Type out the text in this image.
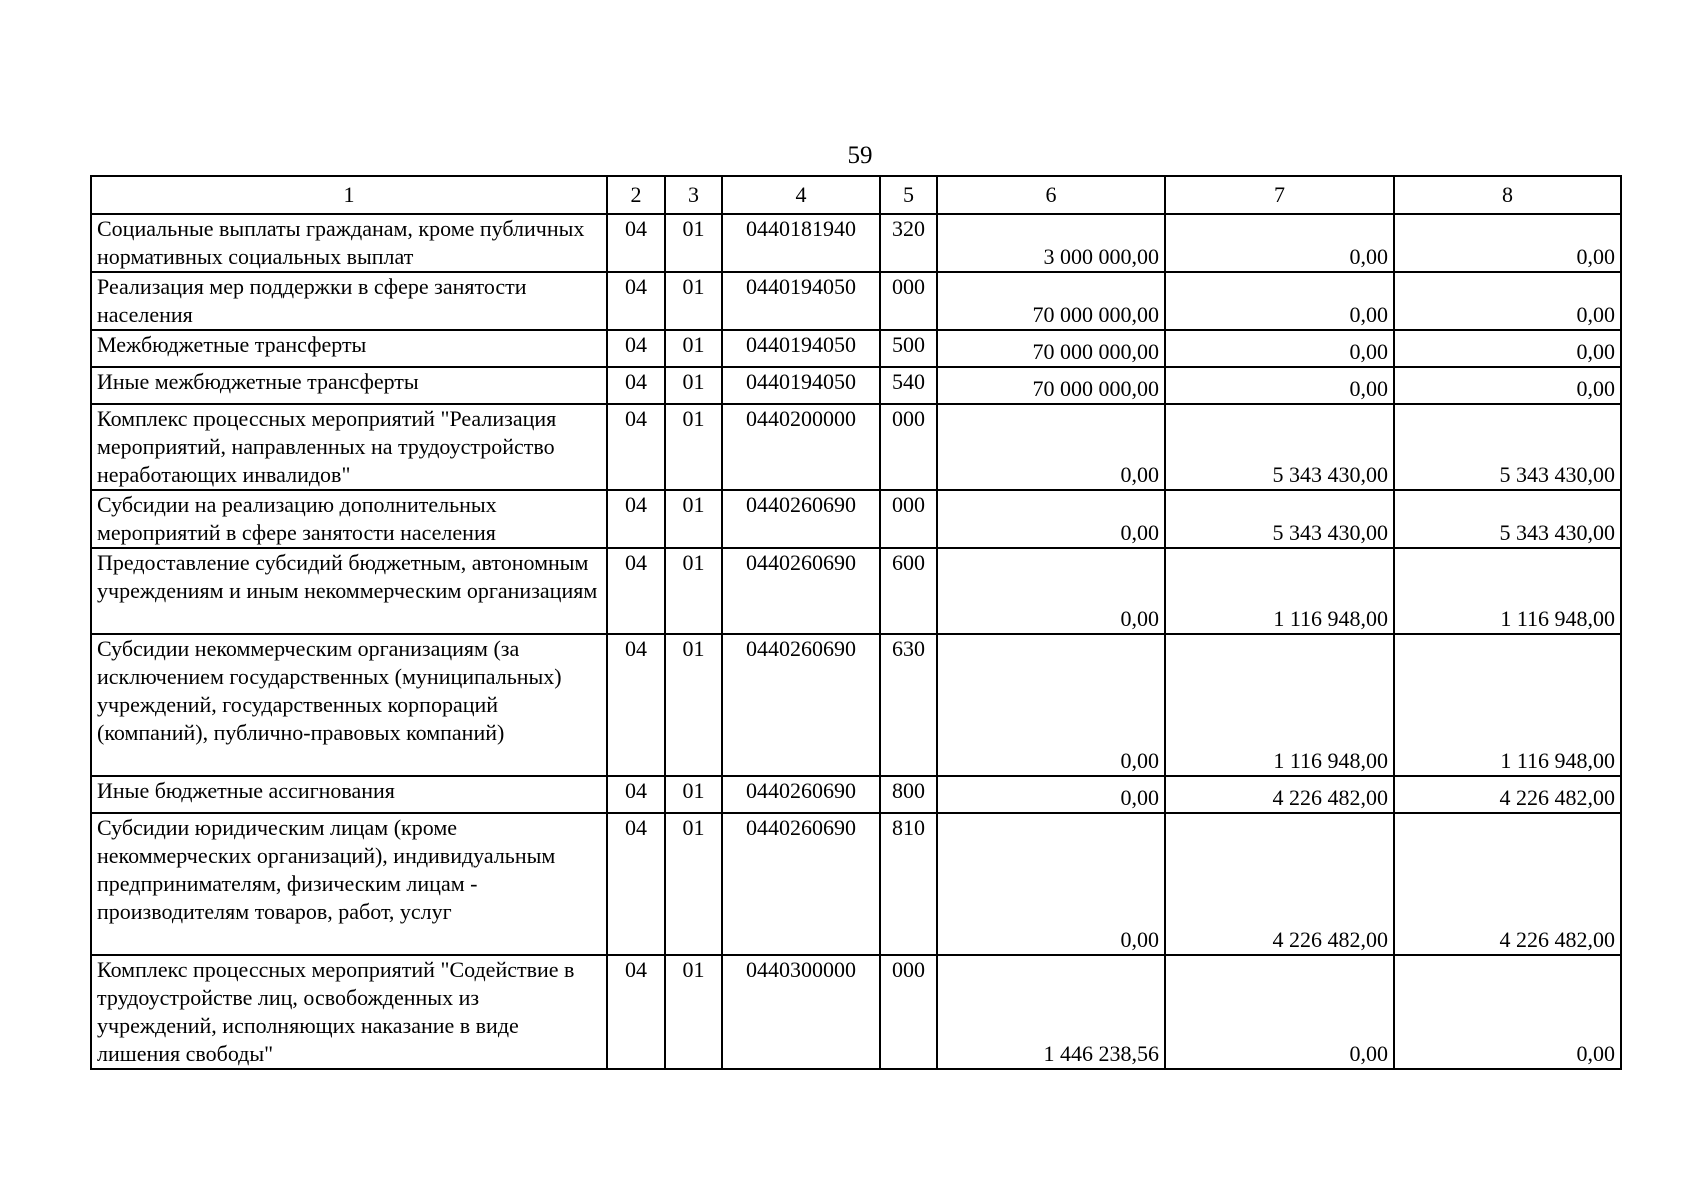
59
1	2	3	4	5	6	7	8
Социальные выплаты гражданам, кроме публичных нормативных социальных выплат	04	01	0440181940	320	3 000 000,00	0,00	0,00
Реализация мер поддержки в сфере занятости населения	04	01	0440194050	000	70 000 000,00	0,00	0,00
Межбюджетные трансферты	04	01	0440194050	500	70 000 000,00	0,00	0,00
Иные межбюджетные трансферты	04	01	0440194050	540	70 000 000,00	0,00	0,00
Комплекс процессных мероприятий "Реализация мероприятий, направленных на трудоустройство неработающих инвалидов"	04	01	0440200000	000	0,00	5 343 430,00	5 343 430,00
Субсидии на реализацию дополнительных мероприятий в сфере занятости населения	04	01	0440260690	000	0,00	5 343 430,00	5 343 430,00
Предоставление субсидий бюджетным, автономным учреждениям и иным некоммерческим организациям	04	01	0440260690	600	0,00	1 116 948,00	1 116 948,00
Субсидии некоммерческим организациям (за исключением государственных (муниципальных) учреждений, государственных корпораций (компаний), публично-правовых компаний)	04	01	0440260690	630	0,00	1 116 948,00	1 116 948,00
Иные бюджетные ассигнования	04	01	0440260690	800	0,00	4 226 482,00	4 226 482,00
Субсидии юридическим лицам (кроме некоммерческих организаций), индивидуальным предпринимателям, физическим лицам - производителям товаров, работ, услуг	04	01	0440260690	810	0,00	4 226 482,00	4 226 482,00
Комплекс процессных мероприятий "Содействие в трудоустройстве лиц, освобожденных из учреждений, исполняющих наказание в виде лишения свободы"	04	01	0440300000	000	1 446 238,56	0,00	0,00
